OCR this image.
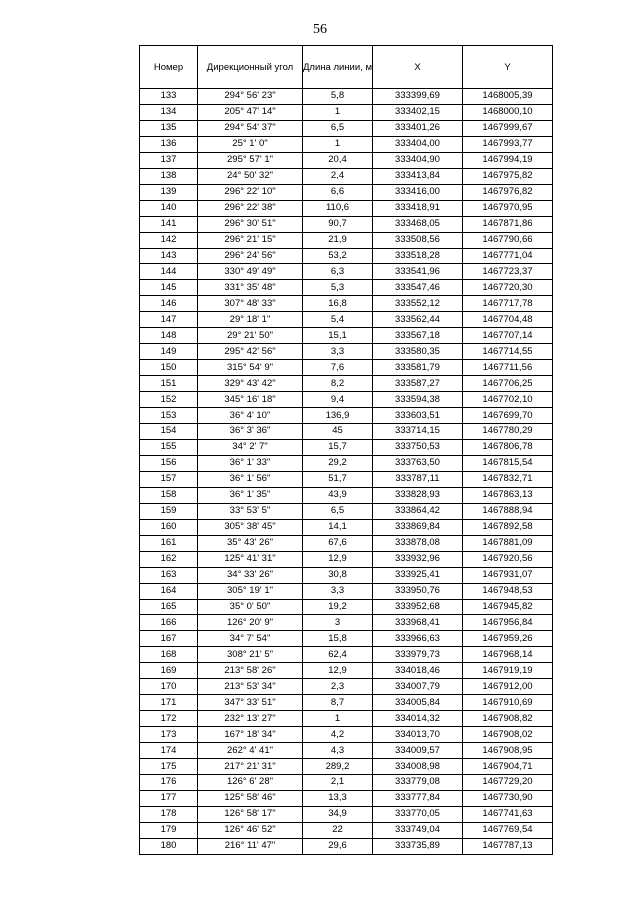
56
Номер	Дирекционный угол	Длина линии, м	X	Y
133	294° 56' 23"	5,8	333399,69	1468005,39
134	205° 47' 14"	1	333402,15	1468000,10
135	294° 54' 37"	6,5	333401,26	1467999,67
136	25° 1' 0"	1	333404,00	1467993,77
137	295° 57' 1"	20,4	333404,90	1467994,19
138	24° 50' 32"	2,4	333413,84	1467975,82
139	296° 22' 10"	6,6	333416,00	1467976,82
140	296° 22' 38"	110,6	333418,91	1467970,95
141	296° 30' 51"	90,7	333468,05	1467871,86
142	296° 21' 15"	21,9	333508,56	1467790,66
143	296° 24' 56"	53,2	333518,28	1467771,04
144	330° 49' 49"	6,3	333541,96	1467723,37
145	331° 35' 48"	5,3	333547,46	1467720,30
146	307° 48' 33"	16,8	333552,12	1467717,78
147	29° 18' 1"	5,4	333562,44	1467704,48
148	29° 21' 50"	15,1	333567,18	1467707,14
149	295° 42' 56"	3,3	333580,35	1467714,55
150	315° 54' 9"	7,6	333581,79	1467711,56
151	329° 43' 42"	8,2	333587,27	1467706,25
152	345° 16' 18"	9,4	333594,38	1467702,10
153	36° 4' 10"	136,9	333603,51	1467699,70
154	36° 3' 36"	45	333714,15	1467780,29
155	34° 2' 7"	15,7	333750,53	1467806,78
156	36° 1' 33"	29,2	333763,50	1467815,54
157	36° 1' 56"	51,7	333787,11	1467832,71
158	36° 1' 35"	43,9	333828,93	1467863,13
159	33° 53' 5"	6,5	333864,42	1467888,94
160	305° 38' 45"	14,1	333869,84	1467892,58
161	35° 43' 26"	67,6	333878,08	1467881,09
162	125° 41' 31"	12,9	333932,96	1467920,56
163	34° 33' 26"	30,8	333925,41	1467931,07
164	305° 19' 1"	3,3	333950,76	1467948,53
165	35° 0' 50"	19,2	333952,68	1467945,82
166	126° 20' 9"	3	333968,41	1467956,84
167	34° 7' 54"	15,8	333966,63	1467959,26
168	308° 21' 5"	62,4	333979,73	1467968,14
169	213° 58' 26"	12,9	334018,46	1467919,19
170	213° 53' 34"	2,3	334007,79	1467912,00
171	347° 33' 51"	8,7	334005,84	1467910,69
172	232° 13' 27"	1	334014,32	1467908,82
173	167° 18' 34"	4,2	334013,70	1467908,02
174	262° 4' 41"	4,3	334009,57	1467908,95
175	217° 21' 31"	289,2	334008,98	1467904,71
176	126° 6' 28"	2,1	333779,08	1467729,20
177	125° 58' 46"	13,3	333777,84	1467730,90
178	126° 58' 17"	34,9	333770,05	1467741,63
179	126° 46' 52"	22	333749,04	1467769,54
180	216° 11' 47"	29,6	333735,89	1467787,13
